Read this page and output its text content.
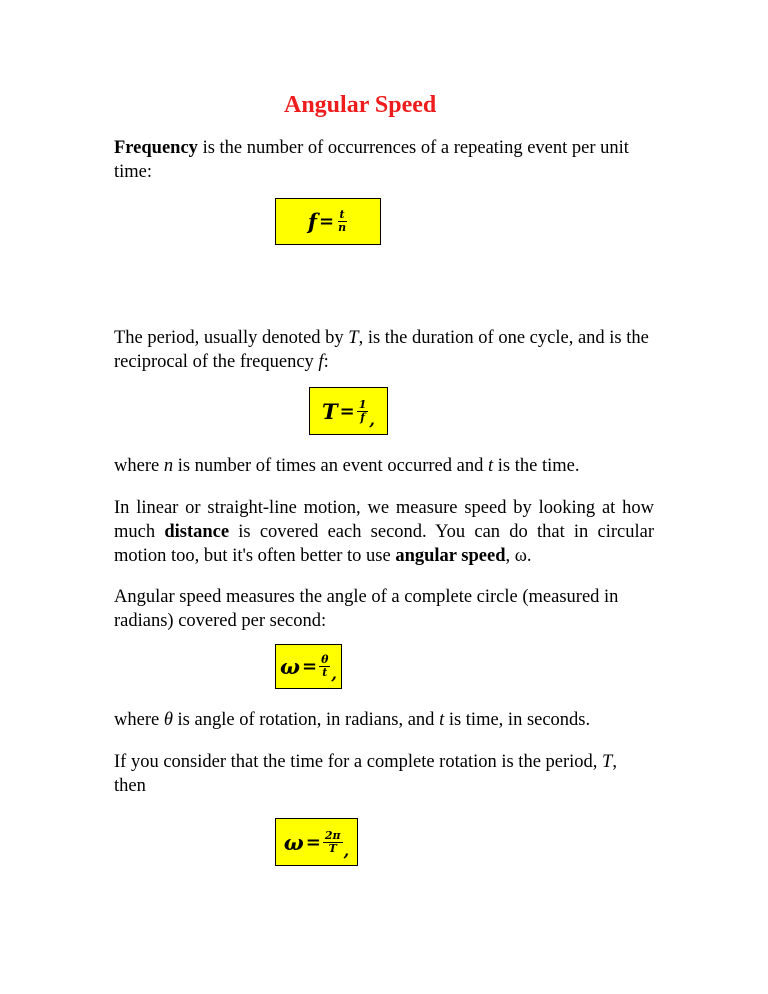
Angular Speed
Frequency is the number of occurrences of a repeating event per unit
time:
$f = \frac{t}{n}$
The period, usually denoted by T, is the duration of one cycle, and is the
reciprocal of the frequency f:
$T = \frac{1}{f}$ ,
where n is number of times an event occurred and t is the time.
In linear or straight-line motion, we measure speed by looking at how much distance is covered each second. You can do that in circular motion too, but it's often better to use angular speed, ω.
Angular speed measures the angle of a complete circle (measured in
radians) covered per second:
$\omega = \frac{\theta}{t}$ ,
where θ is angle of rotation, in radians, and t is time, in seconds.
If you consider that the time for a complete rotation is the period, T,
then
$\omega = \frac{2\pi}{T}$ ,
